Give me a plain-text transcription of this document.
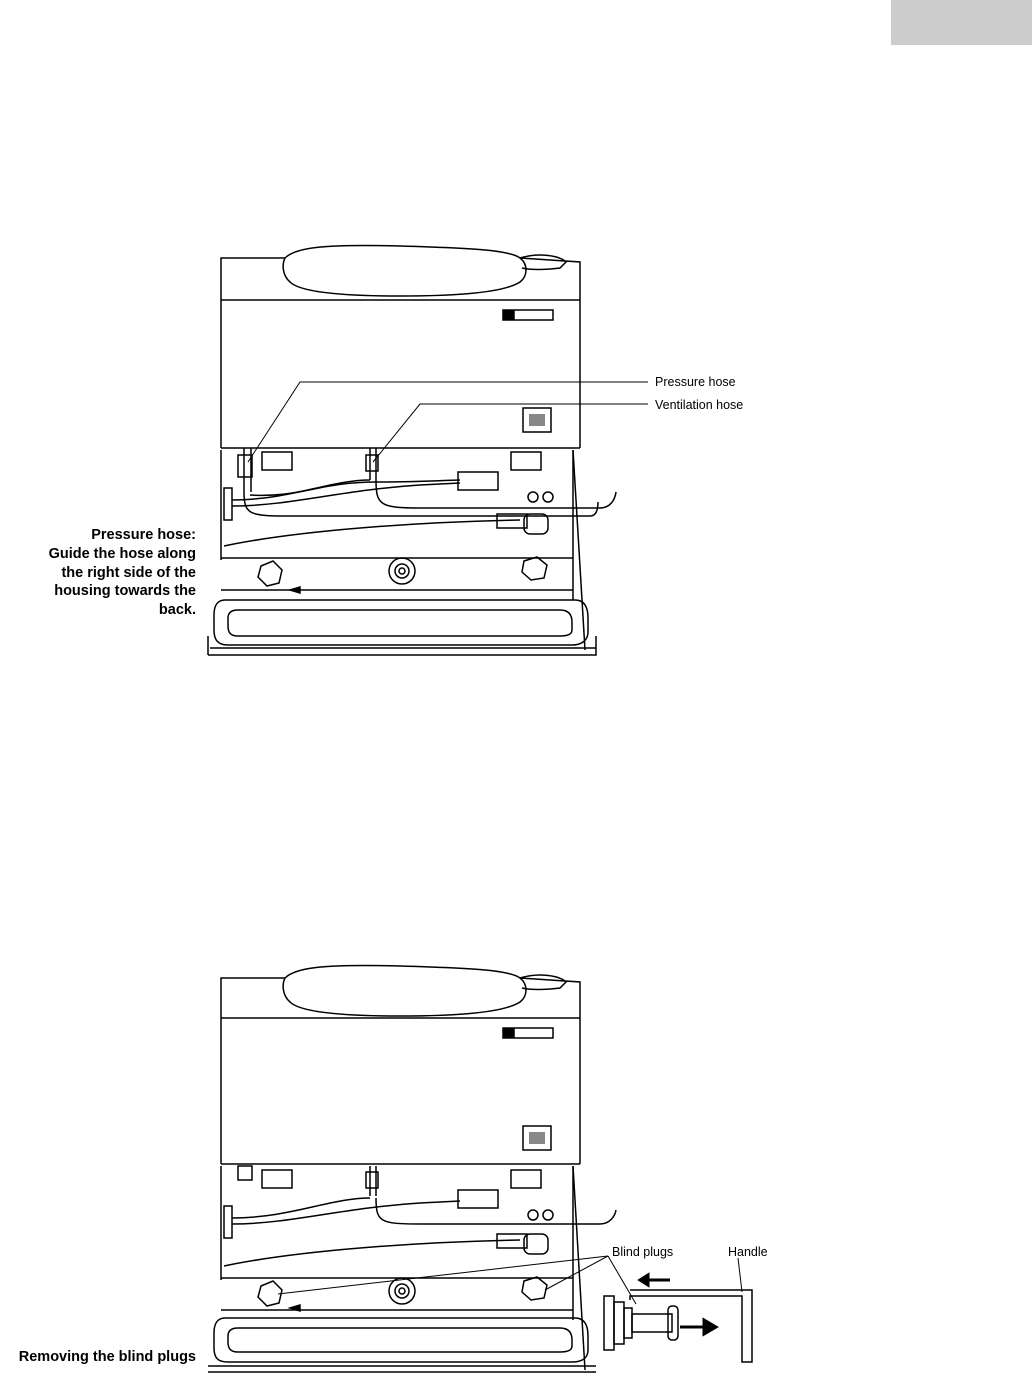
Pressure hose
Ventilation hose
Pressure hose:
Guide the hose along
the right side of the
housing towards the
back.
Blind plugs	Handle
Removing the blind plugs
